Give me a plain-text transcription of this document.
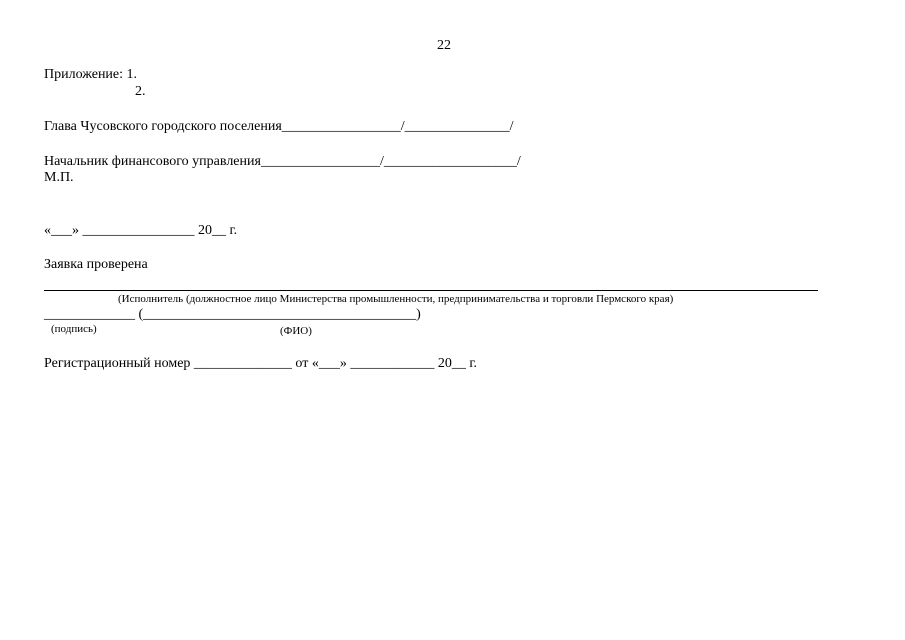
22
Приложение: 1.
2.
Глава Чусовского городского поселения_________________/_______________/
Начальник финансового управления_________________/___________________/
М.П.
«___» ________________ 20__ г.
Заявка проверена
(Исполнитель (должностное лицо Министерства промышленности, предпринимательства и торговли Пермского края)
_____________ (_______________________________________)
(подпись)	(ФИО)
Регистрационный номер ______________ от «___» ____________ 20__ г.
